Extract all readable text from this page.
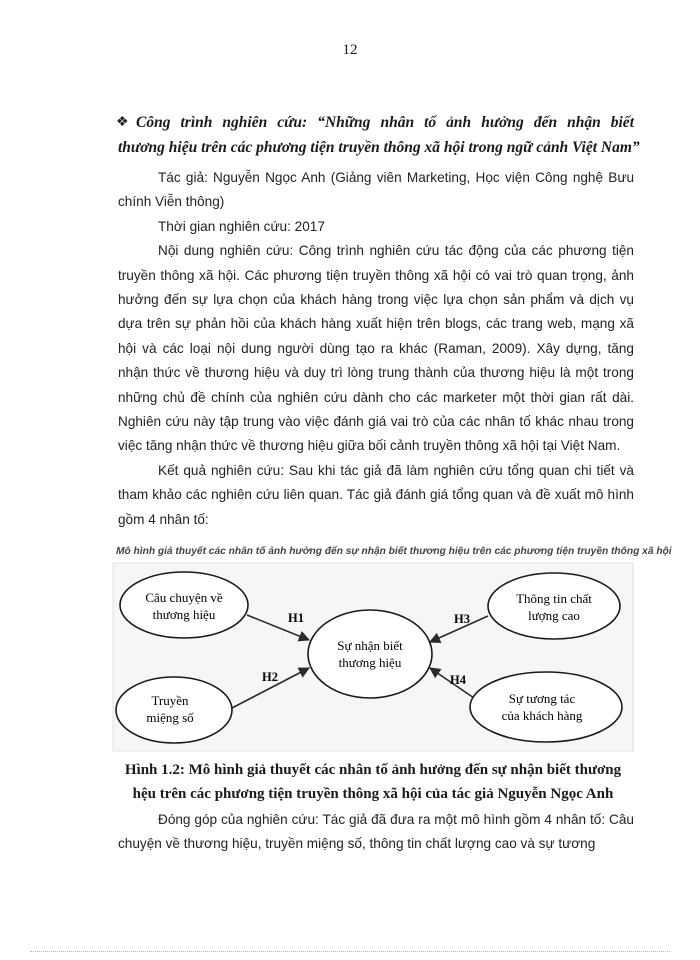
12
❖ Công trình nghiên cứu: “Những nhân tố ảnh hưởng đến nhận biết
thương hiệu trên các phương tiện truyền thông xã hội trong ngữ cảnh Việt Nam”

Tác giả: Nguyễn Ngọc Anh (Giảng viên Marketing, Học viện Công nghệ Bưu chính Viễn thông)

Thời gian nghiên cứu: 2017

Nội dung nghiên cứu: Công trình nghiên cứu tác động của các phương tiện truyền thông xã hội. Các phương tiện truyền thông xã hội có vai trò quan trọng, ảnh hưởng đến sự lựa chọn của khách hàng trong việc lựa chọn sản phẩm và dịch vụ dựa trên sự phản hồi của khách hàng xuất hiện trên blogs, các trang web, mạng xã hội và các loại nội dung người dùng tạo ra khác (Raman, 2009). Xây dựng, tăng nhận thức về thương hiệu và duy trì lòng trung thành của thương hiệu là một trong những chủ đề chính của nghiên cứu dành cho các marketer một thời gian rất dài. Nghiên cứu này tập trung vào việc đánh giá vai trò của các nhân tố khác nhau trong việc tăng nhận thức về thương hiệu giữa bối cảnh truyền thông xã hội tại Việt Nam.

Kết quả nghiên cứu: Sau khi tác giả đã làm nghiên cứu tổng quan chi tiết và tham khảo các nghiên cứu liên quan. Tác giả đánh giá tổng quan và đề xuất mô hình gồm 4 nhân tố:

Mô hình giả thuyết các nhân tố ảnh hưởng đến sự nhận biết thương hiệu trên các phương tiện truyền thông xã hội
H1
H2
H3
H4
Câu chuyện về
thương hiệu
Truyền
miệng số
Sự nhận biết
thương hiệu
Thông tin chất
lượng cao
Sự tương tác
của khách hàng
Hình 1.2: Mô hình giả thuyết các nhân tố ảnh hưởng đến sự nhận biết thương
hệu trên các phương tiện truyền thông xã hội của tác giả Nguyễn Ngọc Anh

Đóng góp của nghiên cứu: Tác giả đã đưa ra một mô hình gồm 4 nhân tố: Câu chuyện về thương hiệu, truyền miệng số, thông tin chất lượng cao và sự tương
